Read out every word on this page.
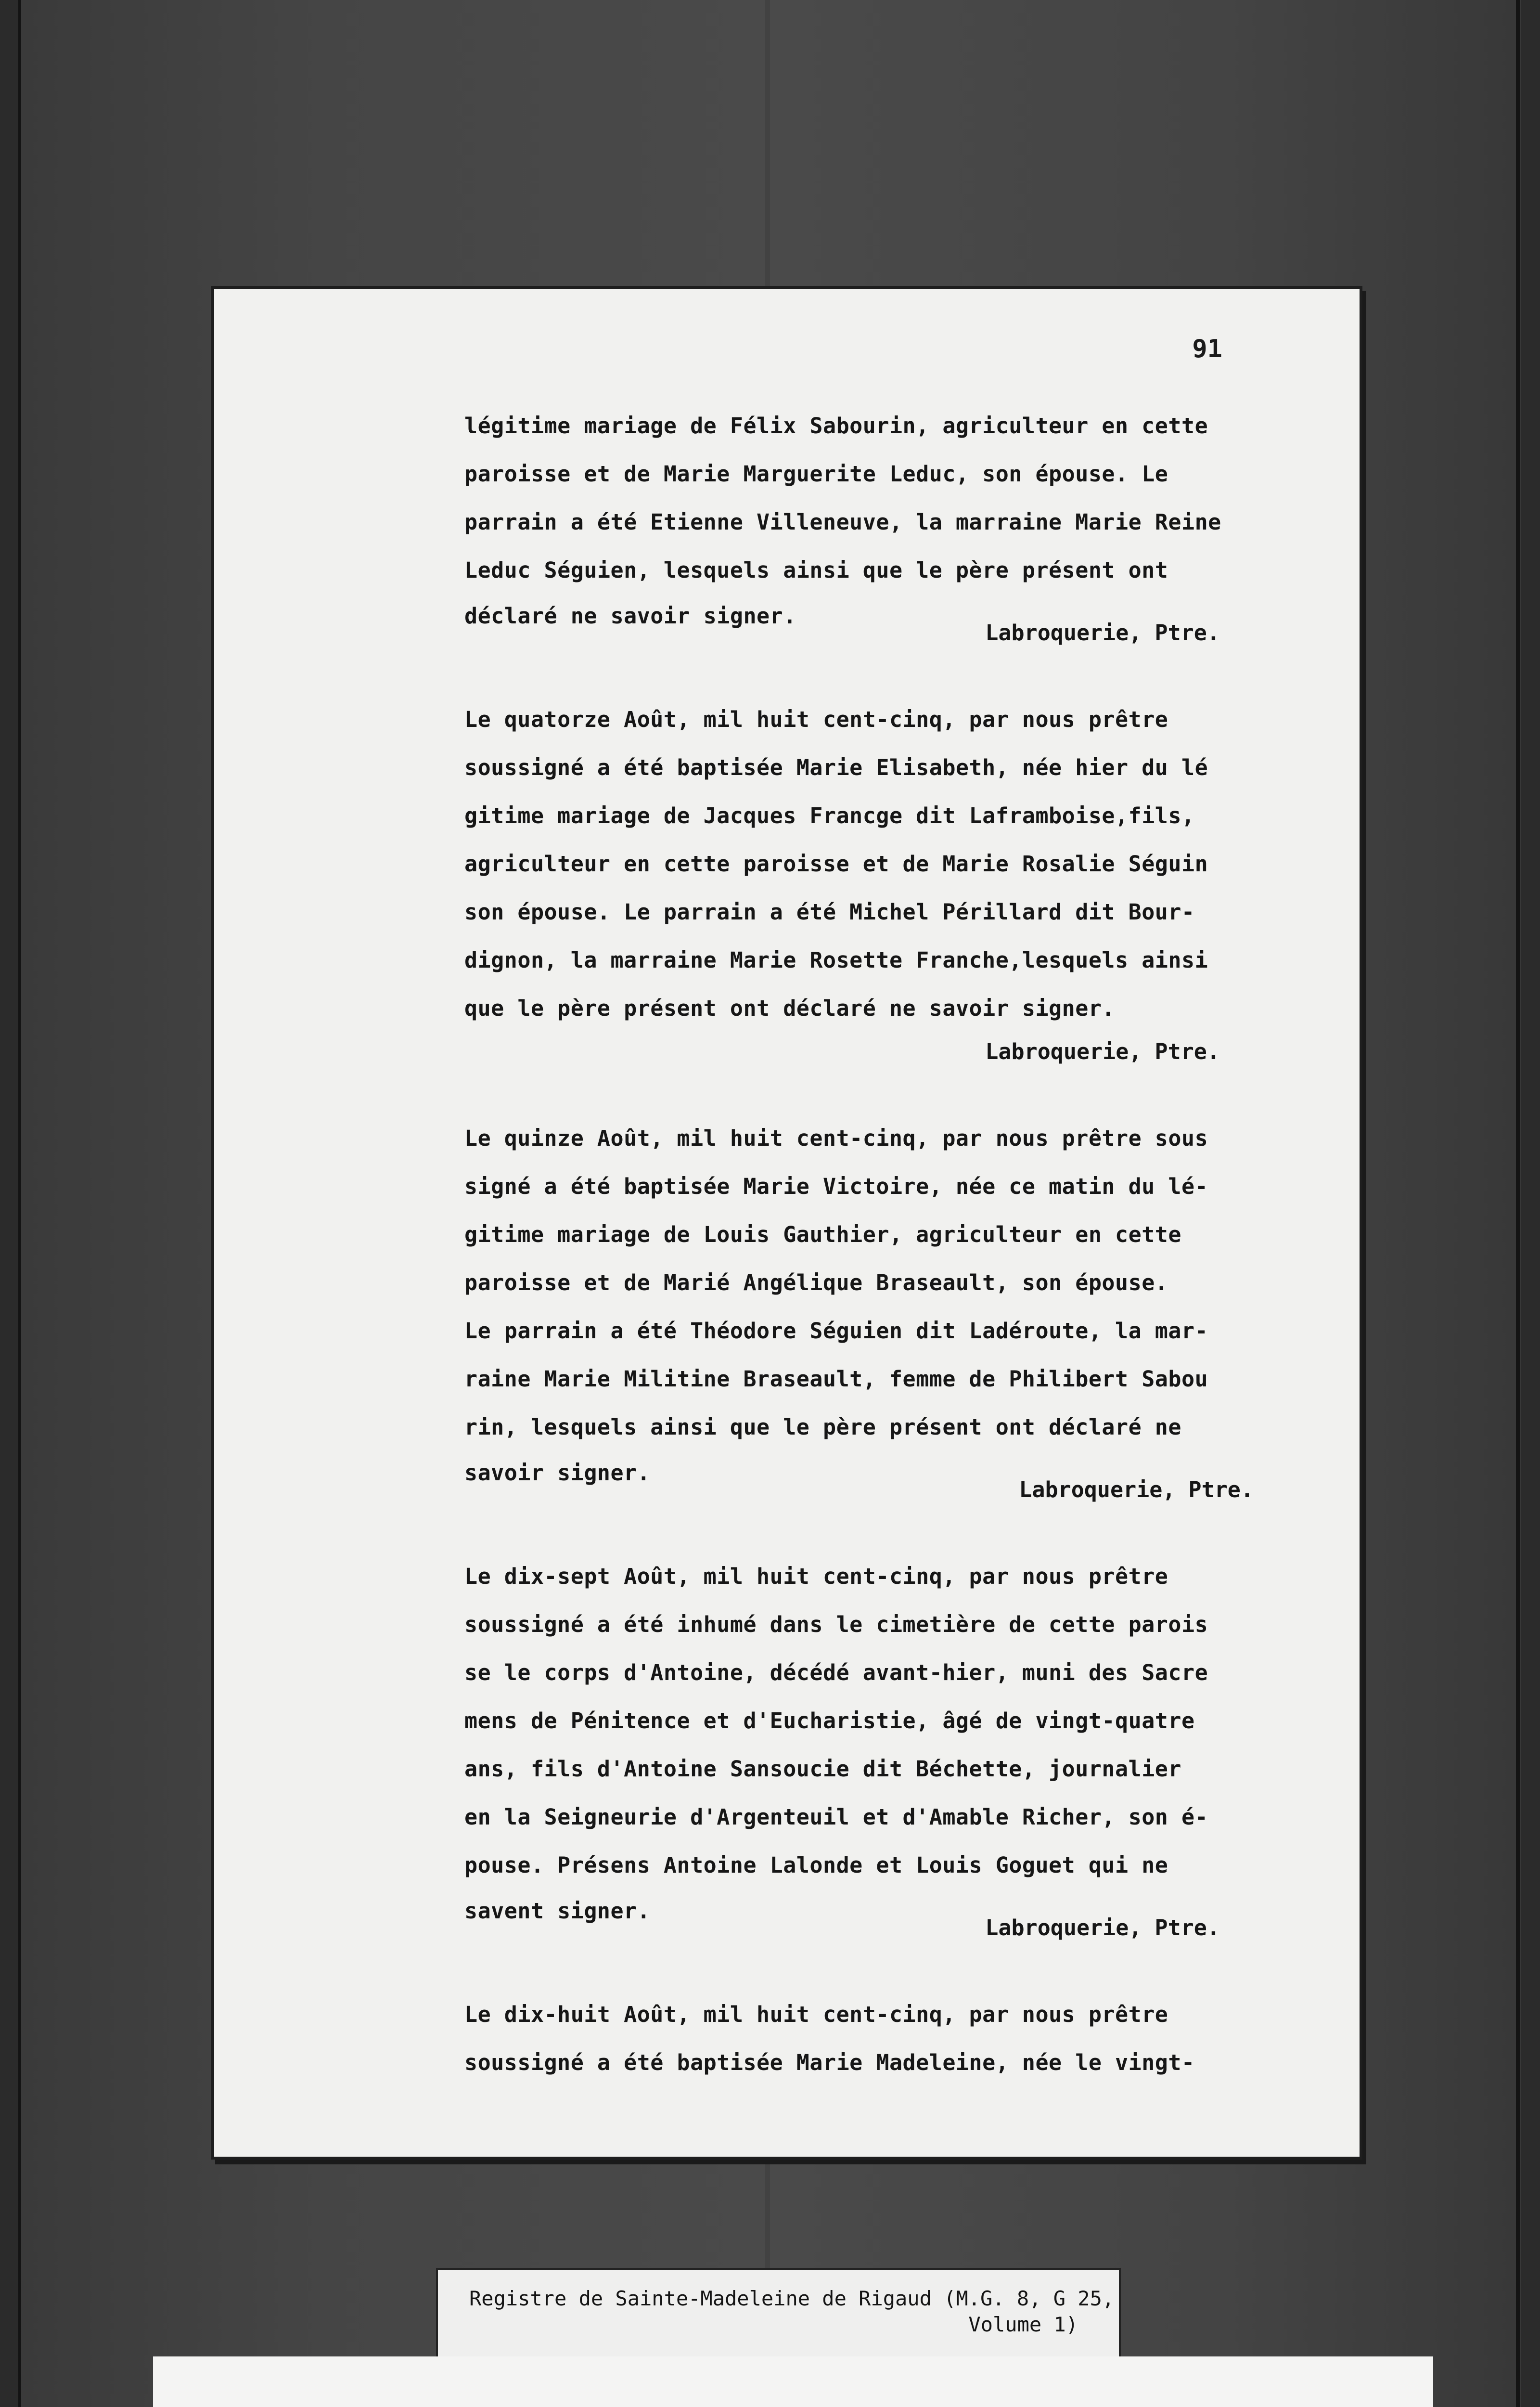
91
légitime mariage de Félix Sabourin, agriculteur en cette
paroisse et de Marie Marguerite Leduc, son épouse. Le
parrain a été Etienne Villeneuve, la marraine Marie Reine
Leduc Séguien, lesquels ainsi que le père présent ont
déclaré ne savoir signer.
Labroquerie, Ptre.
Le quatorze Août, mil huit cent-cinq, par nous prêtre
soussigné a été baptisée Marie Elisabeth, née hier du lé
gitime mariage de Jacques Francge dit Laframboise,fils,
agriculteur en cette paroisse et de Marie Rosalie Séguin
son épouse. Le parrain a été Michel Périllard dit Bour-
dignon, la marraine Marie Rosette Franche,lesquels ainsi
que le père présent ont déclaré ne savoir signer.
Labroquerie, Ptre.
Le quinze Août, mil huit cent-cinq, par nous prêtre sous
signé a été baptisée Marie Victoire, née ce matin du lé-
gitime mariage de Louis Gauthier, agriculteur en cette
paroisse et de Marié Angélique Braseault, son épouse.
Le parrain a été Théodore Séguien dit Ladéroute, la mar-
raine Marie Militine Braseault, femme de Philibert Sabou
rin, lesquels ainsi que le père présent ont déclaré ne
savoir signer.
Labroquerie, Ptre.
Le dix-sept Août, mil huit cent-cinq, par nous prêtre
soussigné a été inhumé dans le cimetière de cette parois
se le corps d'Antoine, décédé avant-hier, muni des Sacre
mens de Pénitence et d'Eucharistie, âgé de vingt-quatre
ans, fils d'Antoine Sansoucie dit Béchette, journalier
en la Seigneurie d'Argenteuil et d'Amable Richer, son é-
pouse. Présens Antoine Lalonde et Louis Goguet qui ne
savent signer.
Labroquerie, Ptre.
Le dix-huit Août, mil huit cent-cinq, par nous prêtre
soussigné a été baptisée Marie Madeleine, née le vingt-
Registre de Sainte-Madeleine de Rigaud (M.G. 8, G 25,
Volume 1)
